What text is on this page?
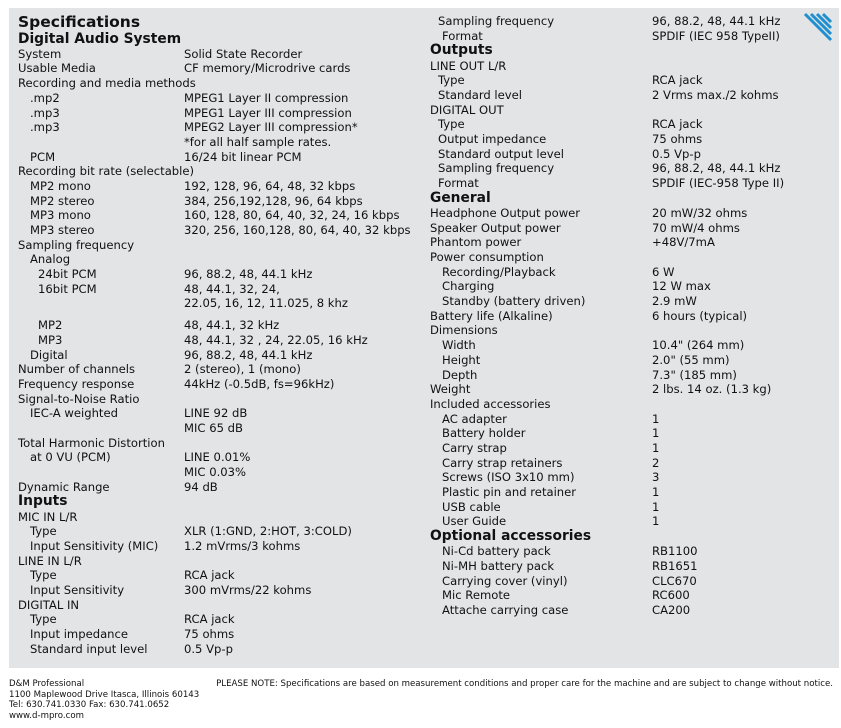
Specifications
Digital Audio System
System	Solid State Recorder
Usable Media	CF memory/Microdrive cards
Recording and media methods
.mp2	MPEG1 Layer II compression
.mp3	MPEG1 Layer III compression
.mp3	MPEG2 Layer III compression*
*for all half sample rates.
PCM	16/24 bit linear PCM
Recording bit rate (selectable)
MP2 mono	192, 128, 96, 64, 48, 32 kbps
MP2 stereo	384, 256,192,128, 96, 64 kbps
MP3 mono	160, 128, 80, 64, 40, 32, 24, 16 kbps
MP3 stereo	320, 256, 160,128, 80, 64, 40, 32 kbps
Sampling frequency
Analog
24bit PCM	96, 88.2, 48, 44.1 kHz
16bit PCM	48, 44.1, 32, 24,
22.05, 16, 12, 11.025, 8 khz
MP2	48, 44.1, 32 kHz
MP3	48, 44.1, 32 , 24, 22.05, 16 kHz
Digital	96, 88.2, 48, 44.1 kHz
Number of channels	2 (stereo), 1 (mono)
Frequency response	44kHz (-0.5dB, fs=96kHz)
Signal-to-Noise Ratio
IEC-A weighted	LINE 92 dB
MIC 65 dB
Total Harmonic Distortion
at 0 VU (PCM)	LINE 0.01%
MIC 0.03%
Dynamic Range	94 dB
Inputs
MIC IN L/R
Type	XLR (1:GND, 2:HOT, 3:COLD)
Input Sensitivity (MIC) 1.2 mVrms/3 kohms
LINE IN L/R
Type	RCA jack
Input Sensitivity	300 mVrms/22 kohms
DIGITAL IN
Type	RCA jack
Input impedance	75 ohms
Standard input level	0.5 Vp-p
Sampling frequency	96, 88.2, 48, 44.1 kHz
Format	SPDIF (IEC 958 TypeII)
Outputs
LINE OUT L/R
Type	RCA jack
Standard level	2 Vrms max./2 kohms
DIGITAL OUT
Type	RCA jack
Output impedance	75 ohms
Standard output level	0.5 Vp-p
Sampling frequency	96, 88.2, 48, 44.1 kHz
Format	SPDIF (IEC-958 Type II)
General
Headphone Output power	20 mW/32 ohms
Speaker Output power	70 mW/4 ohms
Phantom power	+48V/7mA
Power consumption
Recording/Playback	6 W
Charging	12 W max
Standby (battery driven)	2.9 mW
Battery life (Alkaline)	6 hours (typical)
Dimensions
Width	10.4" (264 mm)
Height	2.0" (55 mm)
Depth	7.3" (185 mm)
Weight	2 lbs. 14 oz. (1.3 kg)
Included accessories
AC adapter	1
Battery holder	1
Carry strap	1
Carry strap retainers	2
Screws (ISO 3x10 mm)	3
Plastic pin and retainer	1
USB cable	1
User Guide	1
Optional accessories
Ni-Cd battery pack	RB1100
Ni-MH battery pack	RB1651
Carrying cover (vinyl)	CLC670
Mic Remote	RC600
Attache carrying case	CA200
D&M Professional
1100 Maplewood Drive Itasca, Illinois 60143
Tel: 630.741.0330 Fax: 630.741.0652
www.d-mpro.com
PLEASE NOTE: Specifications are based on measurement conditions and proper care for the machine and are subject to change without notice.
